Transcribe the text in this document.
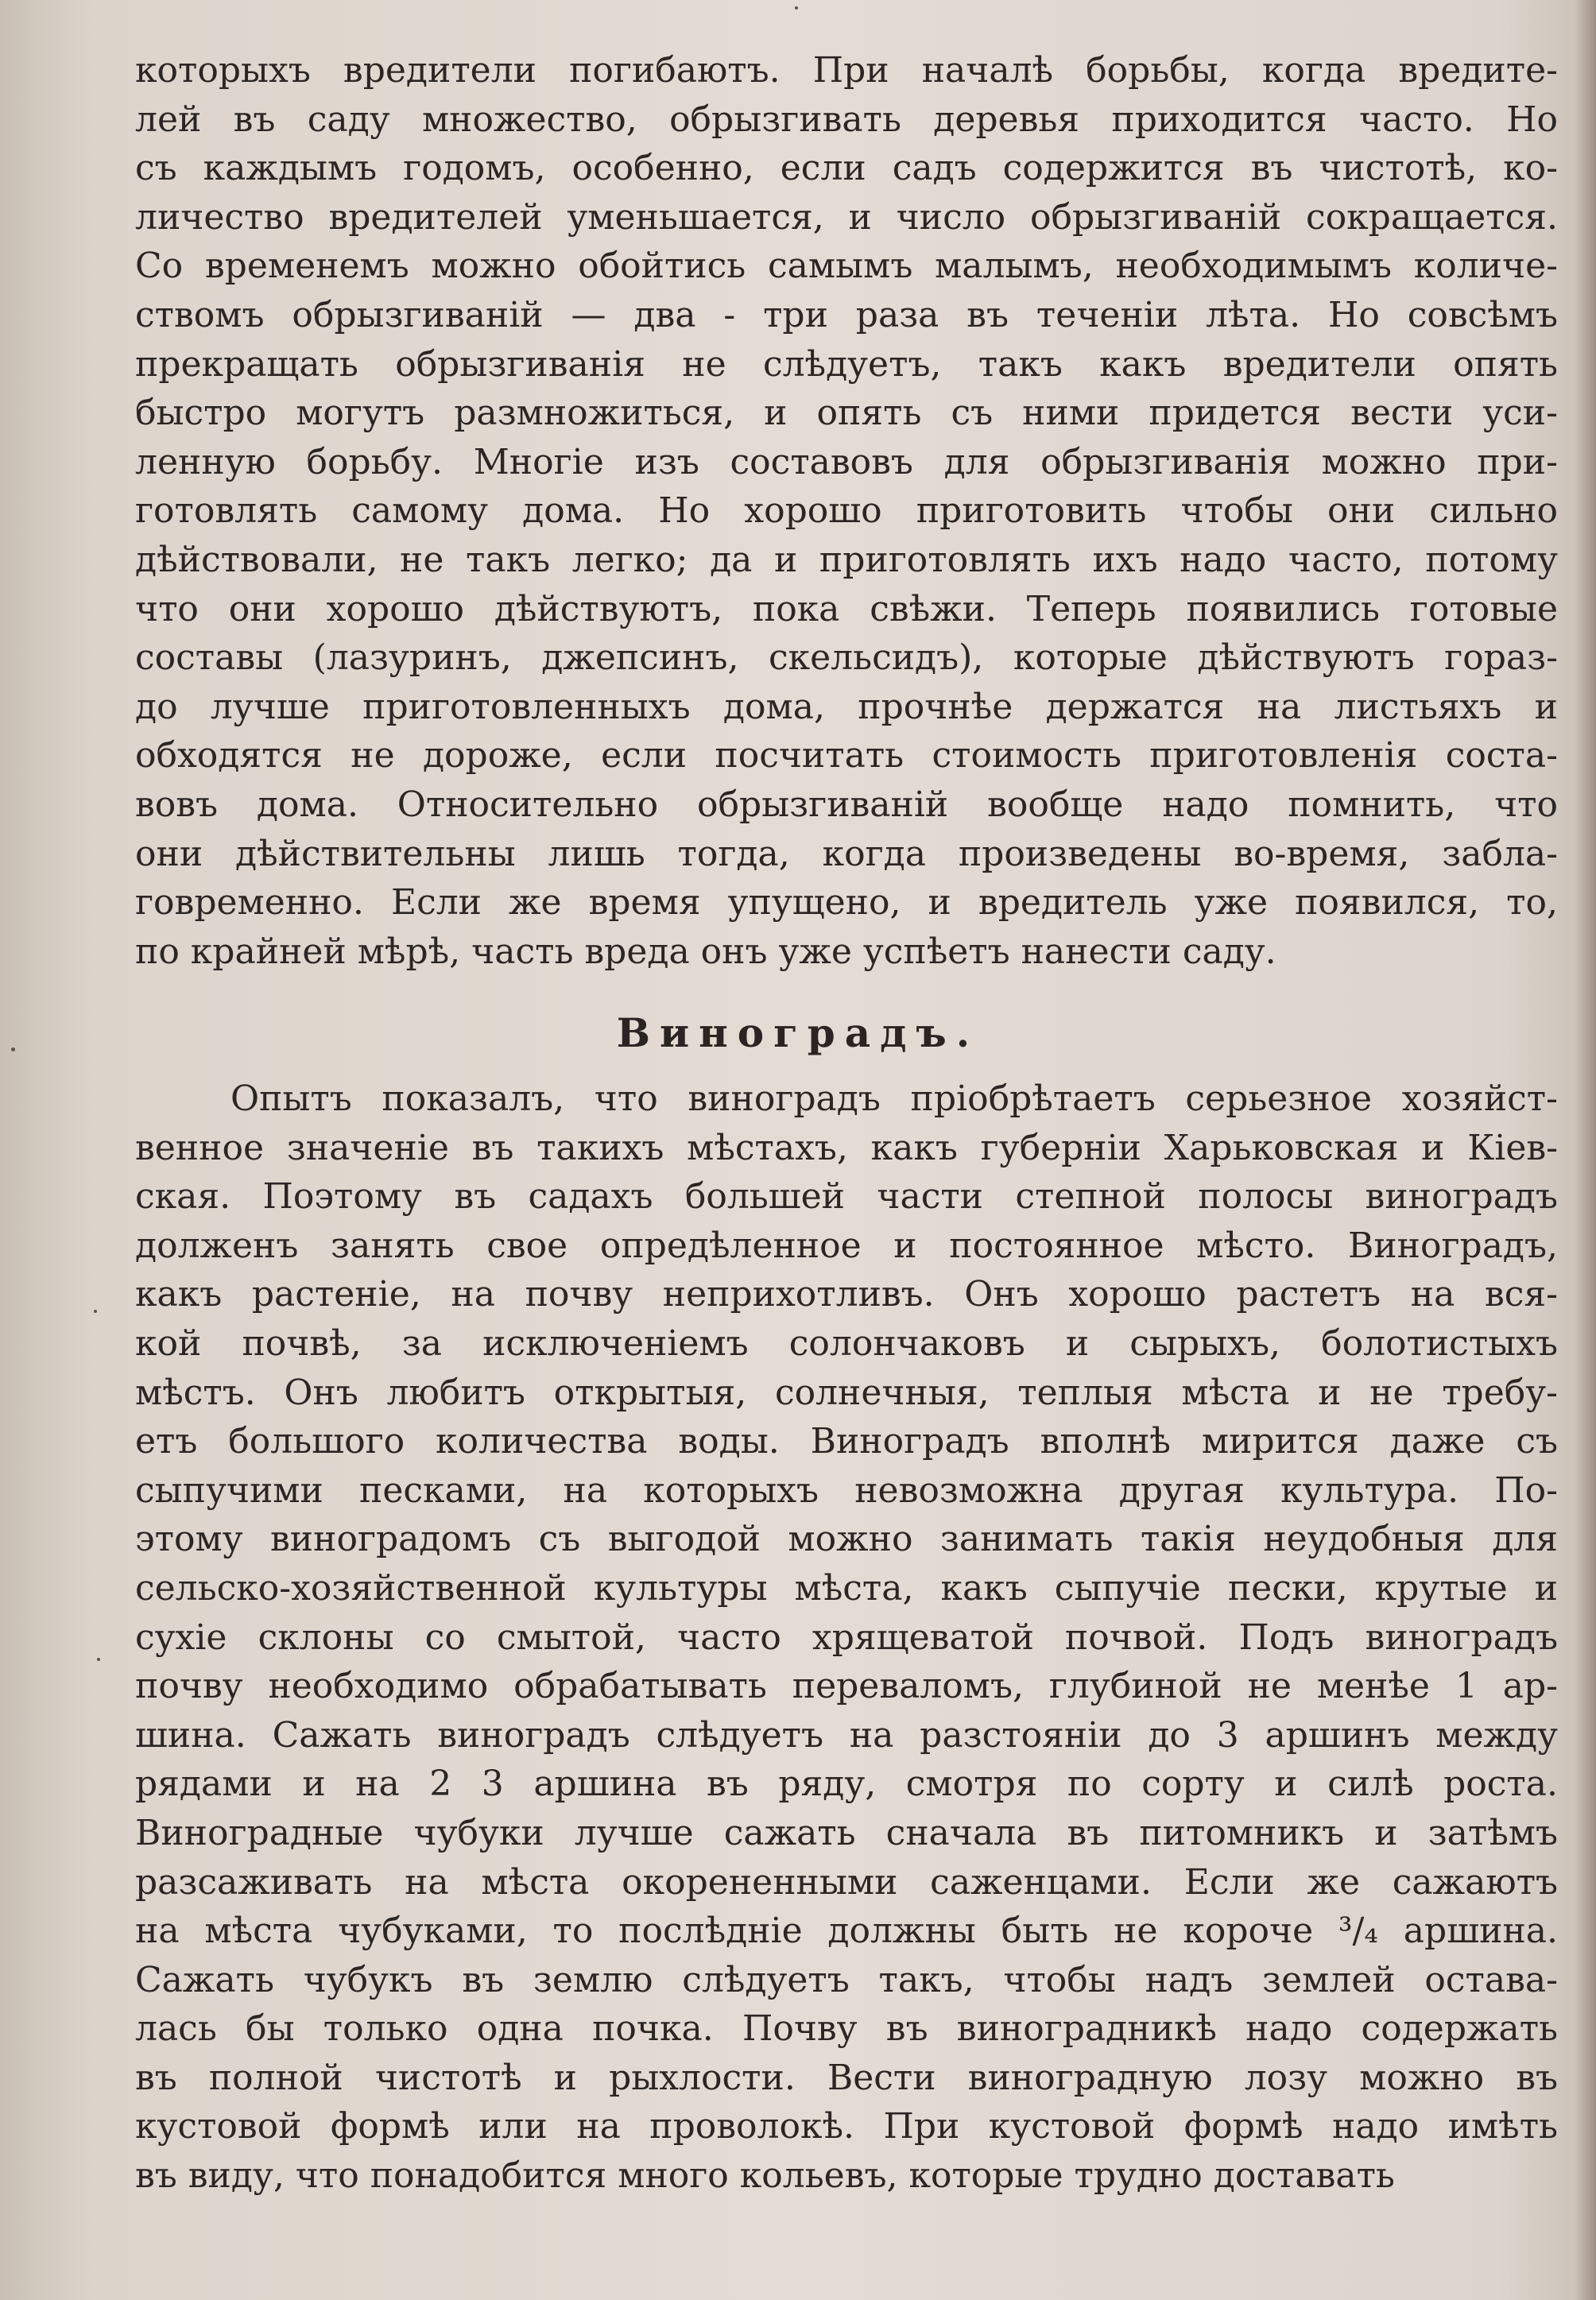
которыхъ вредители погибаютъ. При началѣ борьбы, когда вредите-
лей въ саду множество, обрызгивать деревья приходится часто. Но
съ каждымъ годомъ, особенно, если садъ содержится въ чистотѣ, ко-
личество вредителей уменьшается, и число обрызгиваній сокращается.
Со временемъ можно обойтись самымъ малымъ, необходимымъ количе-
ствомъ обрызгиваній — два - три раза въ теченіи лѣта. Но совсѣмъ
прекращать обрызгиванія не слѣдуетъ, такъ какъ вредители опять
быстро могутъ размножиться, и опять съ ними придется вести уси-
ленную борьбу. Многіе изъ составовъ для обрызгиванія можно при-
готовлять самому дома. Но хорошо приготовить чтобы они сильно
дѣйствовали, не такъ легко; да и приготовлять ихъ надо часто, потому
что они хорошо дѣйствуютъ, пока свѣжи. Теперь появились готовые
составы (лазуринъ, джепсинъ, скельсидъ), которые дѣйствуютъ гораз-
до лучше приготовленныхъ дома, прочнѣе держатся на листьяхъ и
обходятся не дороже, если посчитать стоимость приготовленія соста-
вовъ дома. Относительно обрызгиваній вообще надо помнить, что
они дѣйствительны лишь тогда, когда произведены во-время, забла-
говременно. Если же время упущено, и вредитель уже появился, то,
по крайней мѣрѣ, часть вреда онъ уже успѣетъ нанести саду.
Виноградъ.
Опытъ показалъ, что виноградъ пріобрѣтаетъ серьезное хозяйст-
венное значеніе въ такихъ мѣстахъ, какъ губерніи Харьковская и Кіев-
ская. Поэтому въ садахъ большей части степной полосы виноградъ
долженъ занять свое опредѣленное и постоянное мѣсто. Виноградъ,
какъ растеніе, на почву неприхотливъ. Онъ хорошо растетъ на вся-
кой почвѣ, за исключеніемъ солончаковъ и сырыхъ, болотистыхъ
мѣстъ. Онъ любитъ открытыя, солнечныя, теплыя мѣста и не требу-
етъ большого количества воды. Виноградъ вполнѣ мирится даже съ
сыпучими песками, на которыхъ невозможна другая культура. По-
этому виноградомъ съ выгодой можно занимать такія неудобныя для
сельско-хозяйственной культуры мѣста, какъ сыпучіе пески, крутые и
сухіе склоны со смытой, часто хрящеватой почвой. Подъ виноградъ
почву необходимо обрабатывать переваломъ, глубиной не менѣе 1 ар-
шина. Сажать виноградъ слѣдуетъ на разстояніи до 3 аршинъ между
рядами и на 2 3 аршина въ ряду, смотря по сорту и силѣ роста.
Виноградные чубуки лучше сажать сначала въ питомникъ и затѣмъ
разсаживать на мѣста окорененными саженцами. Если же сажаютъ
на мѣста чубуками, то послѣдніе должны быть не короче ³/₄ аршина.
Сажать чубукъ въ землю слѣдуетъ такъ, чтобы надъ землей остава-
лась бы только одна почка. Почву въ виноградникѣ надо содержать
въ полной чистотѣ и рыхлости. Вести виноградную лозу можно въ
кустовой формѣ или на проволокѣ. При кустовой формѣ надо имѣть
въ виду, что понадобится много кольевъ, которые трудно доставать
